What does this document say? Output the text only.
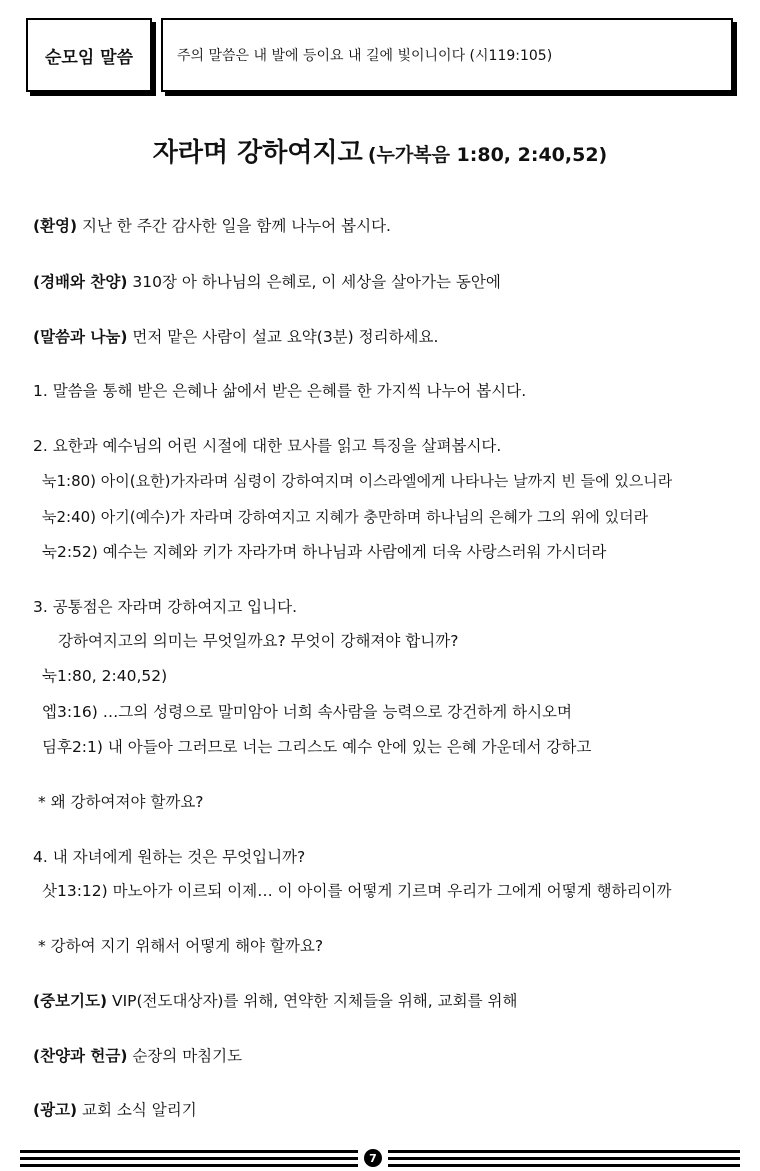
순모임 말씀	주의 말씀은 내 발에 등이요 내 길에 빛이니이다 (시119:105)
자라며 강하여지고 (누가복음 1:80, 2:40,52)
(환영) 지난 한 주간 감사한 일을 함께 나누어 봅시다.
(경배와 찬양) 310장 아 하나님의 은혜로, 이 세상을 살아가는 동안에
(말씀과 나눔) 먼저 맡은 사람이 설교 요약(3분) 정리하세요.
1. 말씀을 통해 받은 은혜나 삶에서 받은 은혜를 한 가지씩 나누어 봅시다.
2. 요한과 예수님의 어린 시절에 대한 묘사를 읽고 특징을 살펴봅시다.
눅1:80) 아이(요한)가자라며 심령이 강하여지며 이스라엘에게 나타나는 날까지 빈 들에 있으니라
눅2:40) 아기(예수)가 자라며 강하여지고 지혜가 충만하며 하나님의 은혜가 그의 위에 있더라
눅2:52) 예수는 지혜와 키가 자라가며 하나님과 사람에게 더욱 사랑스러워 가시더라
3. 공통점은 자라며 강하여지고 입니다.
강하여지고의 의미는 무엇일까요? 무엇이 강해져야 합니까?
눅1:80, 2:40,52)
엡3:16) …그의 성령으로 말미암아 너희 속사람을 능력으로 강건하게 하시오며
딤후2:1) 내 아들아 그러므로 너는 그리스도 예수 안에 있는 은혜 가운데서 강하고
* 왜 강하여져야 할까요?
4. 내 자녀에게 원하는 것은 무엇입니까?
삿13:12) 마노아가 이르되 이제… 이 아이를 어떻게 기르며 우리가 그에게 어떻게 행하리이까
* 강하여 지기 위해서 어떻게 해야 할까요?
(중보기도) VIP(전도대상자)를 위해, 연약한 지체들을 위해, 교회를 위해
(찬양과 헌금) 순장의 마침기도
(광고) 교회 소식 알리기
7
